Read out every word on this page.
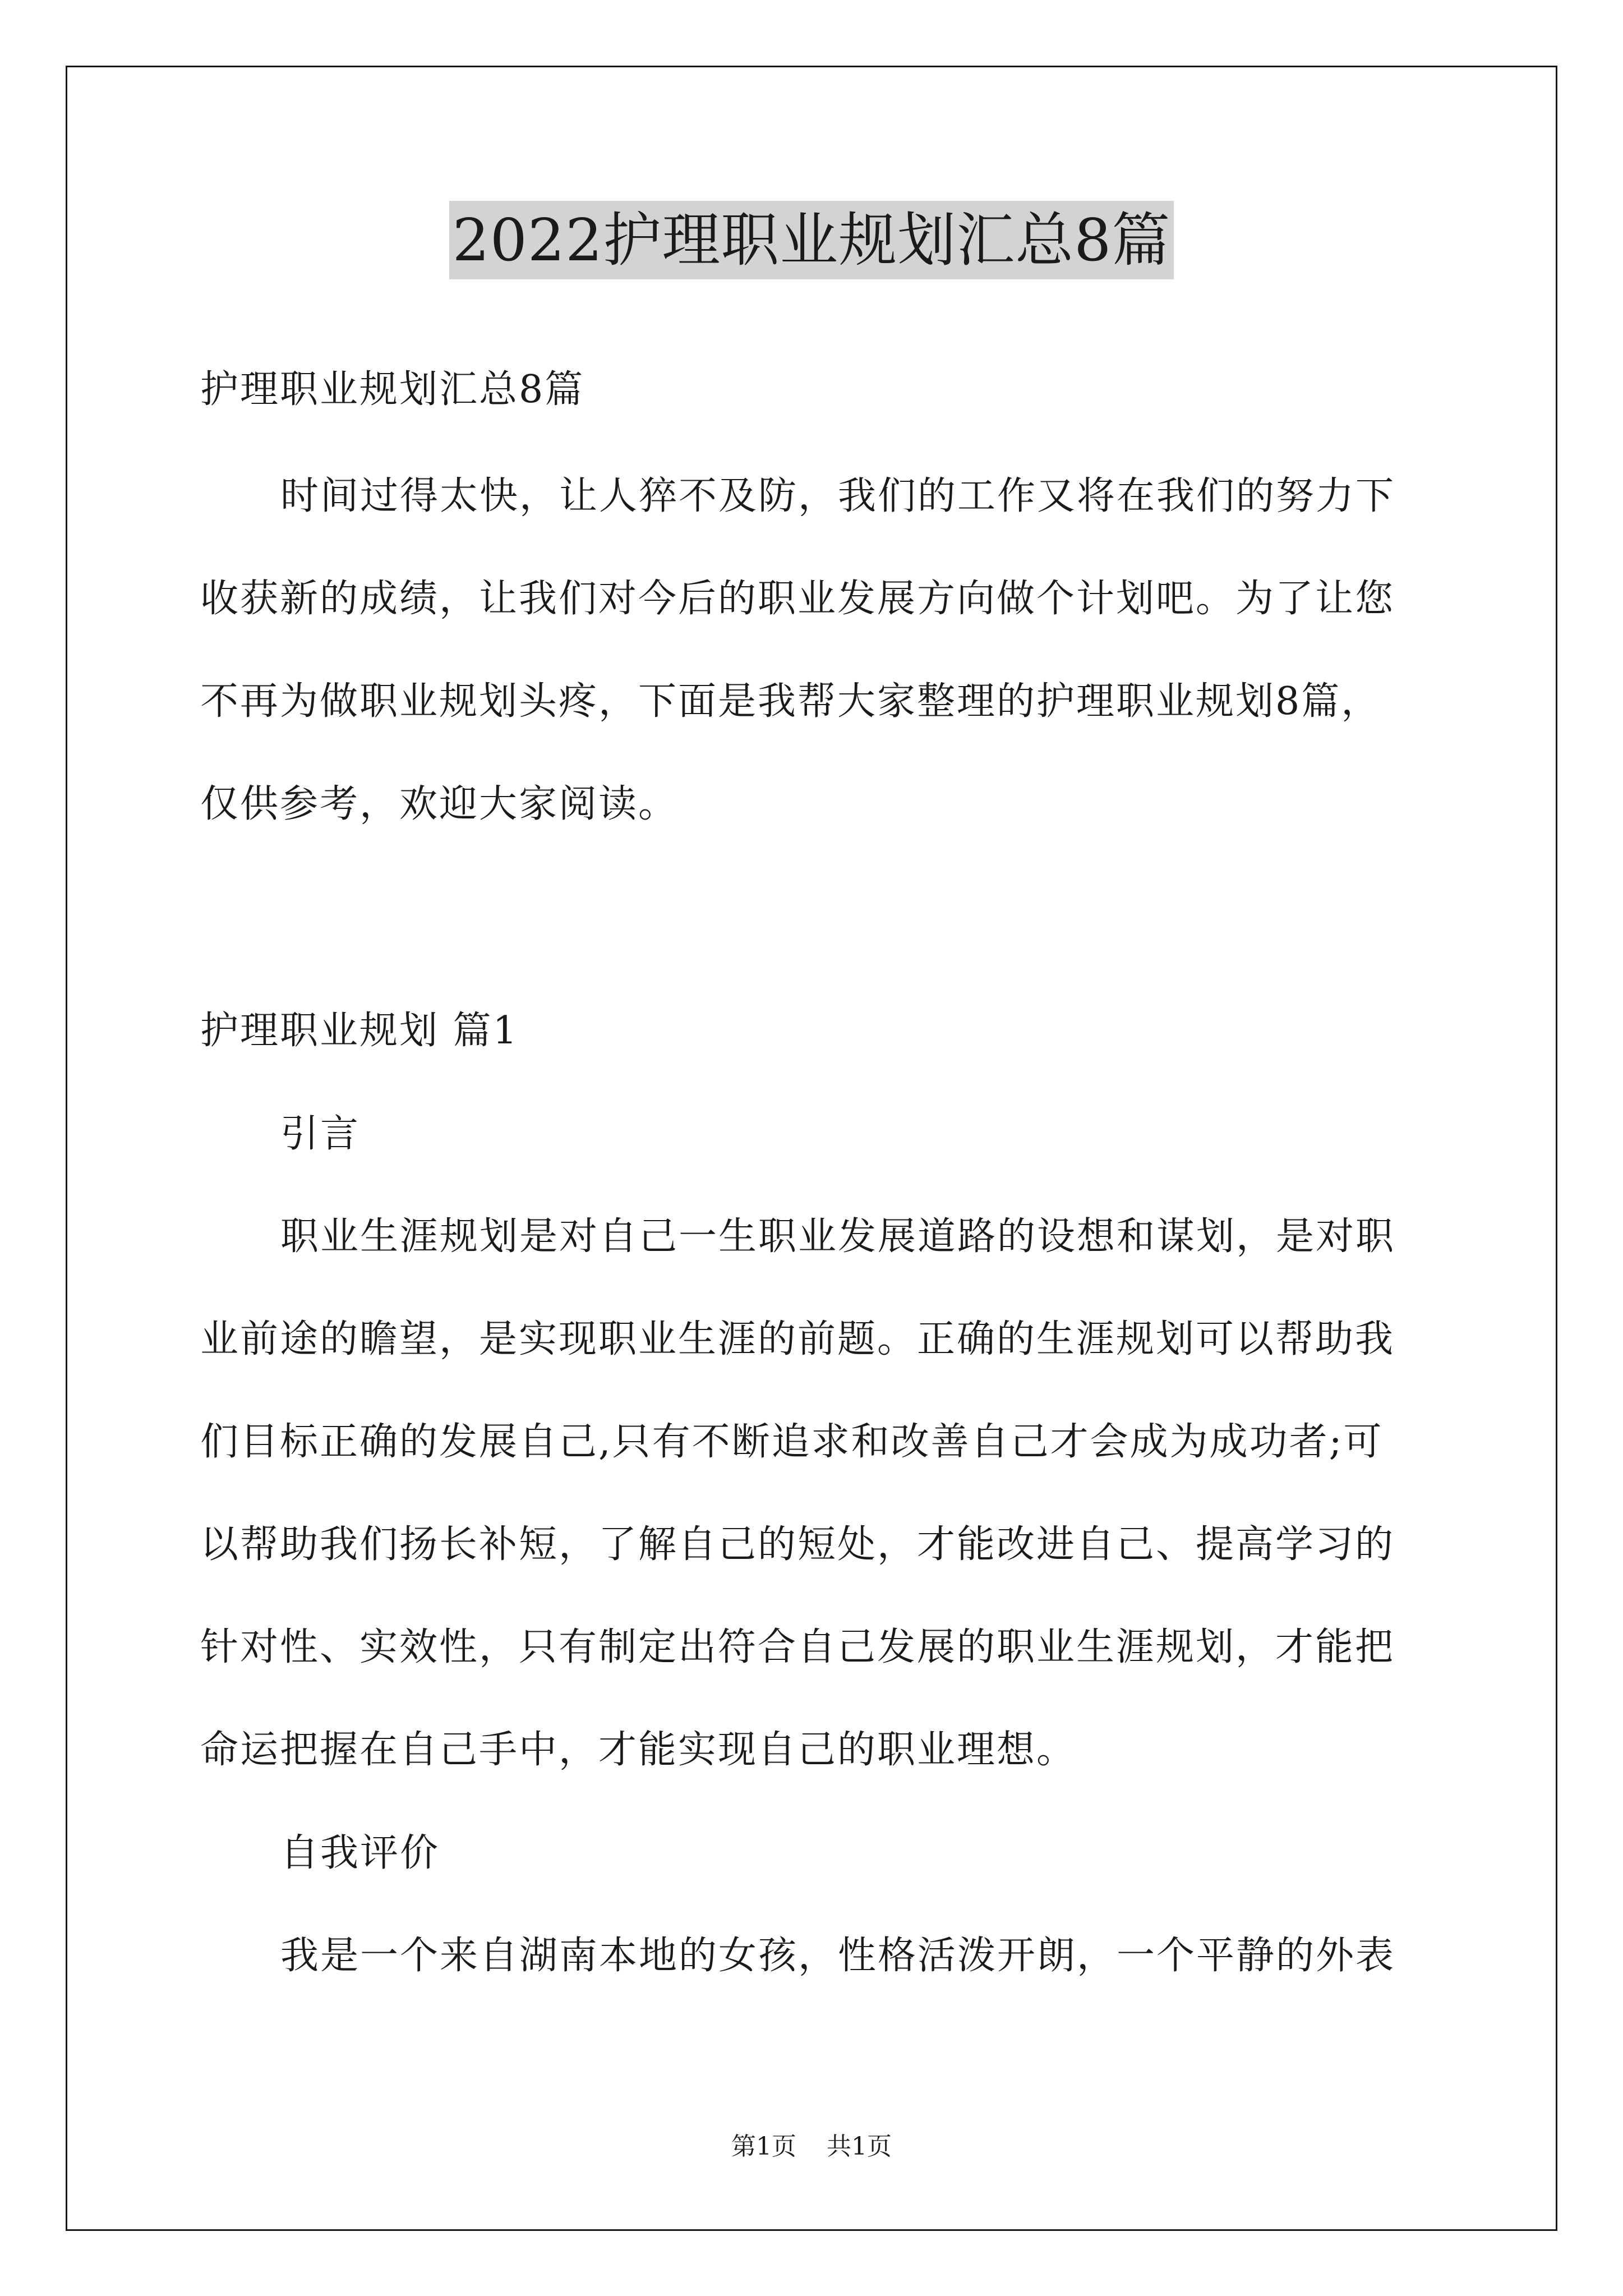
2022护理职业规划汇总8篇
护理职业规划汇总8篇
时间过得太快，让人猝不及防，我们的工作又将在我们的努力下
收获新的成绩，让我们对今后的职业发展方向做个计划吧。为了让您
不再为做职业规划头疼，下面是我帮大家整理的护理职业规划8篇，
仅供参考，欢迎大家阅读。
护理职业规划 篇1
引言
职业生涯规划是对自己一生职业发展道路的设想和谋划，是对职
业前途的瞻望，是实现职业生涯的前题。正确的生涯规划可以帮助我
们目标正确的发展自己,只有不断追求和改善自己才会成为成功者;可
以帮助我们扬长补短，了解自己的短处，才能改进自己、提高学习的
针对性、实效性，只有制定出符合自己发展的职业生涯规划，才能把
命运把握在自己手中，才能实现自己的职业理想。
自我评价
我是一个来自湖南本地的女孩，性格活泼开朗，一个平静的外表
第1页 共1页
